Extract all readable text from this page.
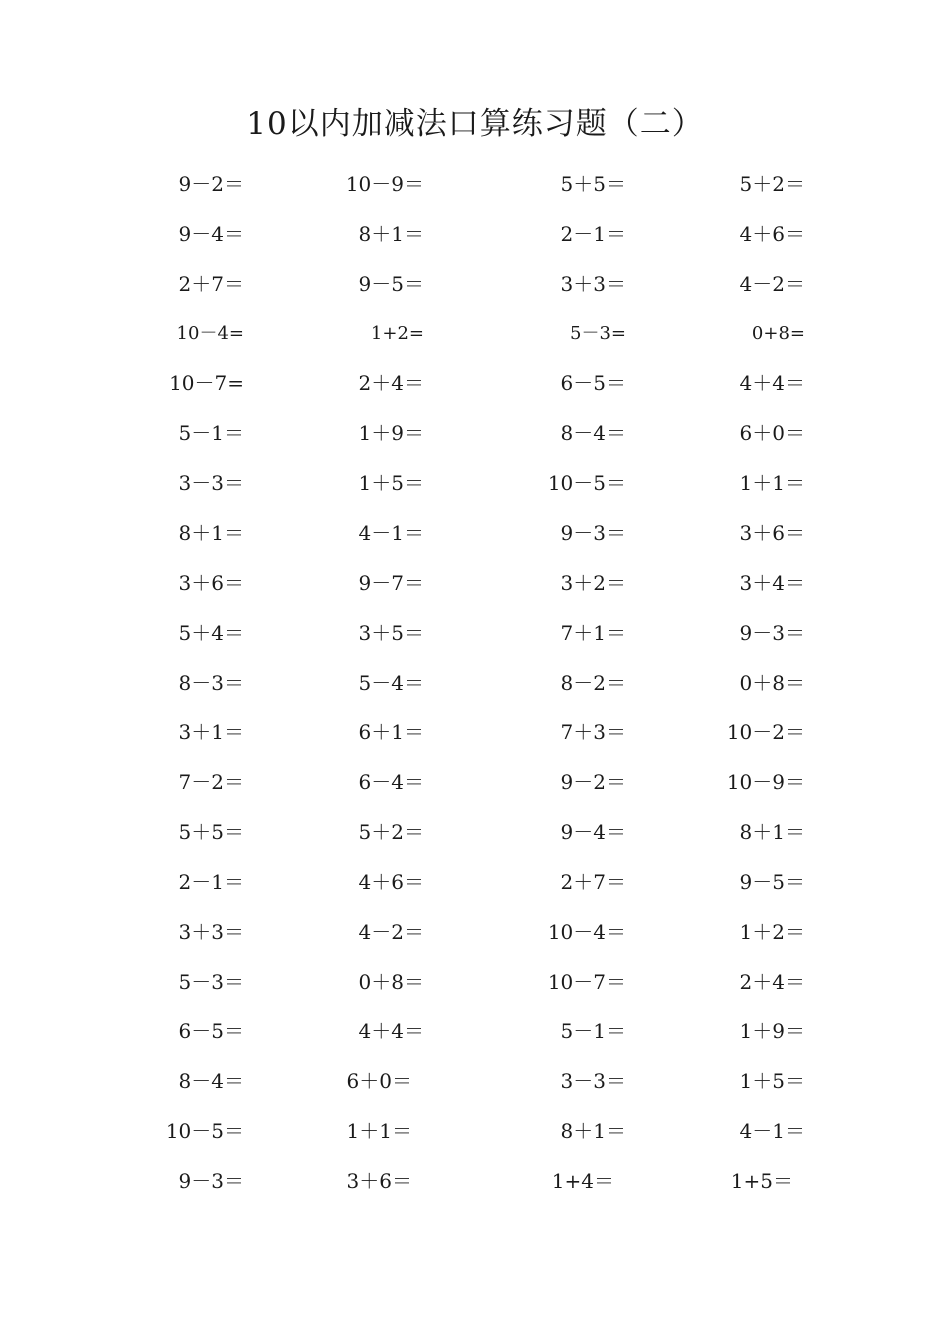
10以内加减法口算练习题（二）
9－2＝	10－9＝	5＋5＝	5＋2＝
9－4＝	8＋1＝	2－1＝	4＋6＝
2＋7＝	9－5＝	3＋3＝	4－2＝
10－4=	1+2=	5－3=	0+8=
10－7=	2＋4＝	6－5＝	4＋4＝
5－1＝	1＋9＝	8－4＝	6＋0＝
3－3＝	1＋5＝	10－5＝	1＋1＝
8＋1＝	4－1＝	9－3＝	3＋6＝
3＋6＝	9－7＝	3＋2＝	3＋4＝
5＋4＝	3＋5＝	7＋1＝	9－3＝
8－3＝	5－4＝	8－2＝	0＋8＝
3＋1＝	6＋1＝	7＋3＝	10－2＝
7－2＝	6－4＝	9－2＝	10－9＝
5＋5＝	5＋2＝	9－4＝	8＋1＝
2－1＝	4＋6＝	2＋7＝	9－5＝
3＋3＝	4－2＝	10－4＝	1＋2＝
5－3＝	0＋8＝	10－7＝	2＋4＝
6－5＝	4＋4＝	5－1＝	1＋9＝
8－4＝	6＋0＝	3－3＝	1＋5＝
10－5＝	1＋1＝	8＋1＝	4－1＝
9－3＝	3＋6＝	1+4＝	1+5＝
